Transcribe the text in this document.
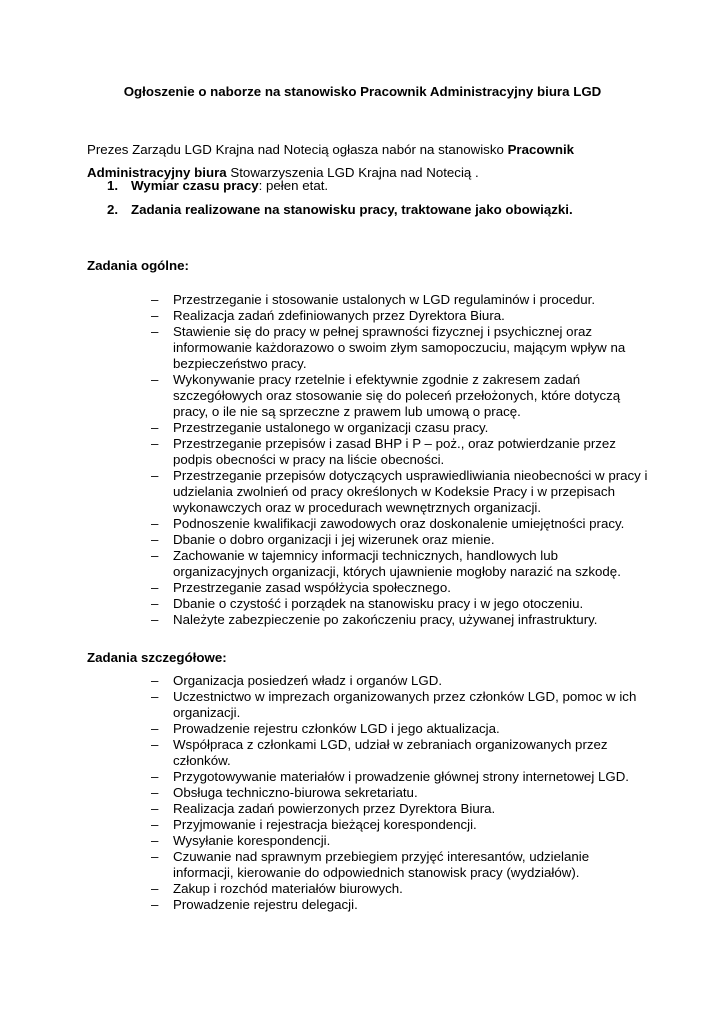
Ogłoszenie o naborze na stanowisko Pracownik Administracyjny biura LGD

Prezes Zarządu LGD Krajna nad Notecią ogłasza nabór na stanowisko Pracownik

Administracyjny biura Stowarzyszenia LGD Krajna nad Notecią .

1. Wymiar czasu pracy: pełen etat.
2. Zadania realizowane na stanowisku pracy, traktowane jako obowiązki.
Zadania ogólne:
– Przestrzeganie i stosowanie ustalonych w LGD regulaminów i procedur.
– Realizacja zadań zdefiniowanych przez Dyrektora Biura.
– Stawienie się do pracy w pełnej sprawności fizycznej i psychicznej oraz informowanie każdorazowo o swoim złym samopoczuciu, mającym wpływ na bezpieczeństwo pracy.
– Wykonywanie pracy rzetelnie i efektywnie zgodnie z zakresem zadań szczegółowych oraz stosowanie się do poleceń przełożonych, które dotyczą pracy, o ile nie są sprzeczne z prawem lub umową o pracę.
– Przestrzeganie ustalonego w organizacji czasu pracy.
– Przestrzeganie przepisów i zasad BHP i P – poż., oraz potwierdzanie przez podpis obecności w pracy na liście obecności.
– Przestrzeganie przepisów dotyczących usprawiedliwiania nieobecności w pracy i udzielania zwolnień od pracy określonych w Kodeksie Pracy i w przepisach wykonawczych oraz w procedurach wewnętrznych organizacji.
– Podnoszenie kwalifikacji zawodowych oraz doskonalenie umiejętności pracy.
– Dbanie o dobro organizacji i jej wizerunek oraz mienie.
– Zachowanie w tajemnicy informacji technicznych, handlowych lub organizacyjnych organizacji, których ujawnienie mogłoby narazić na szkodę.
– Przestrzeganie zasad współżycia społecznego.
– Dbanie o czystość i porządek na stanowisku pracy i w jego otoczeniu.
– Należyte zabezpieczenie po zakończeniu pracy, używanej infrastruktury.
Zadania szczegółowe:
– Organizacja posiedzeń władz i organów LGD.
– Uczestnictwo w imprezach organizowanych przez członków LGD, pomoc w ich organizacji.
– Prowadzenie rejestru członków LGD i jego aktualizacja.
– Współpraca z członkami LGD, udział w zebraniach organizowanych przez członków.
– Przygotowywanie materiałów i prowadzenie głównej strony internetowej LGD.
– Obsługa techniczno-biurowa sekretariatu.
– Realizacja zadań powierzonych przez Dyrektora Biura.
– Przyjmowanie i rejestracja bieżącej korespondencji.
– Wysyłanie korespondencji.
– Czuwanie nad sprawnym przebiegiem przyjęć interesantów, udzielanie informacji, kierowanie do odpowiednich stanowisk pracy (wydziałów).
– Zakup i rozchód materiałów biurowych.
– Prowadzenie rejestru delegacji.
